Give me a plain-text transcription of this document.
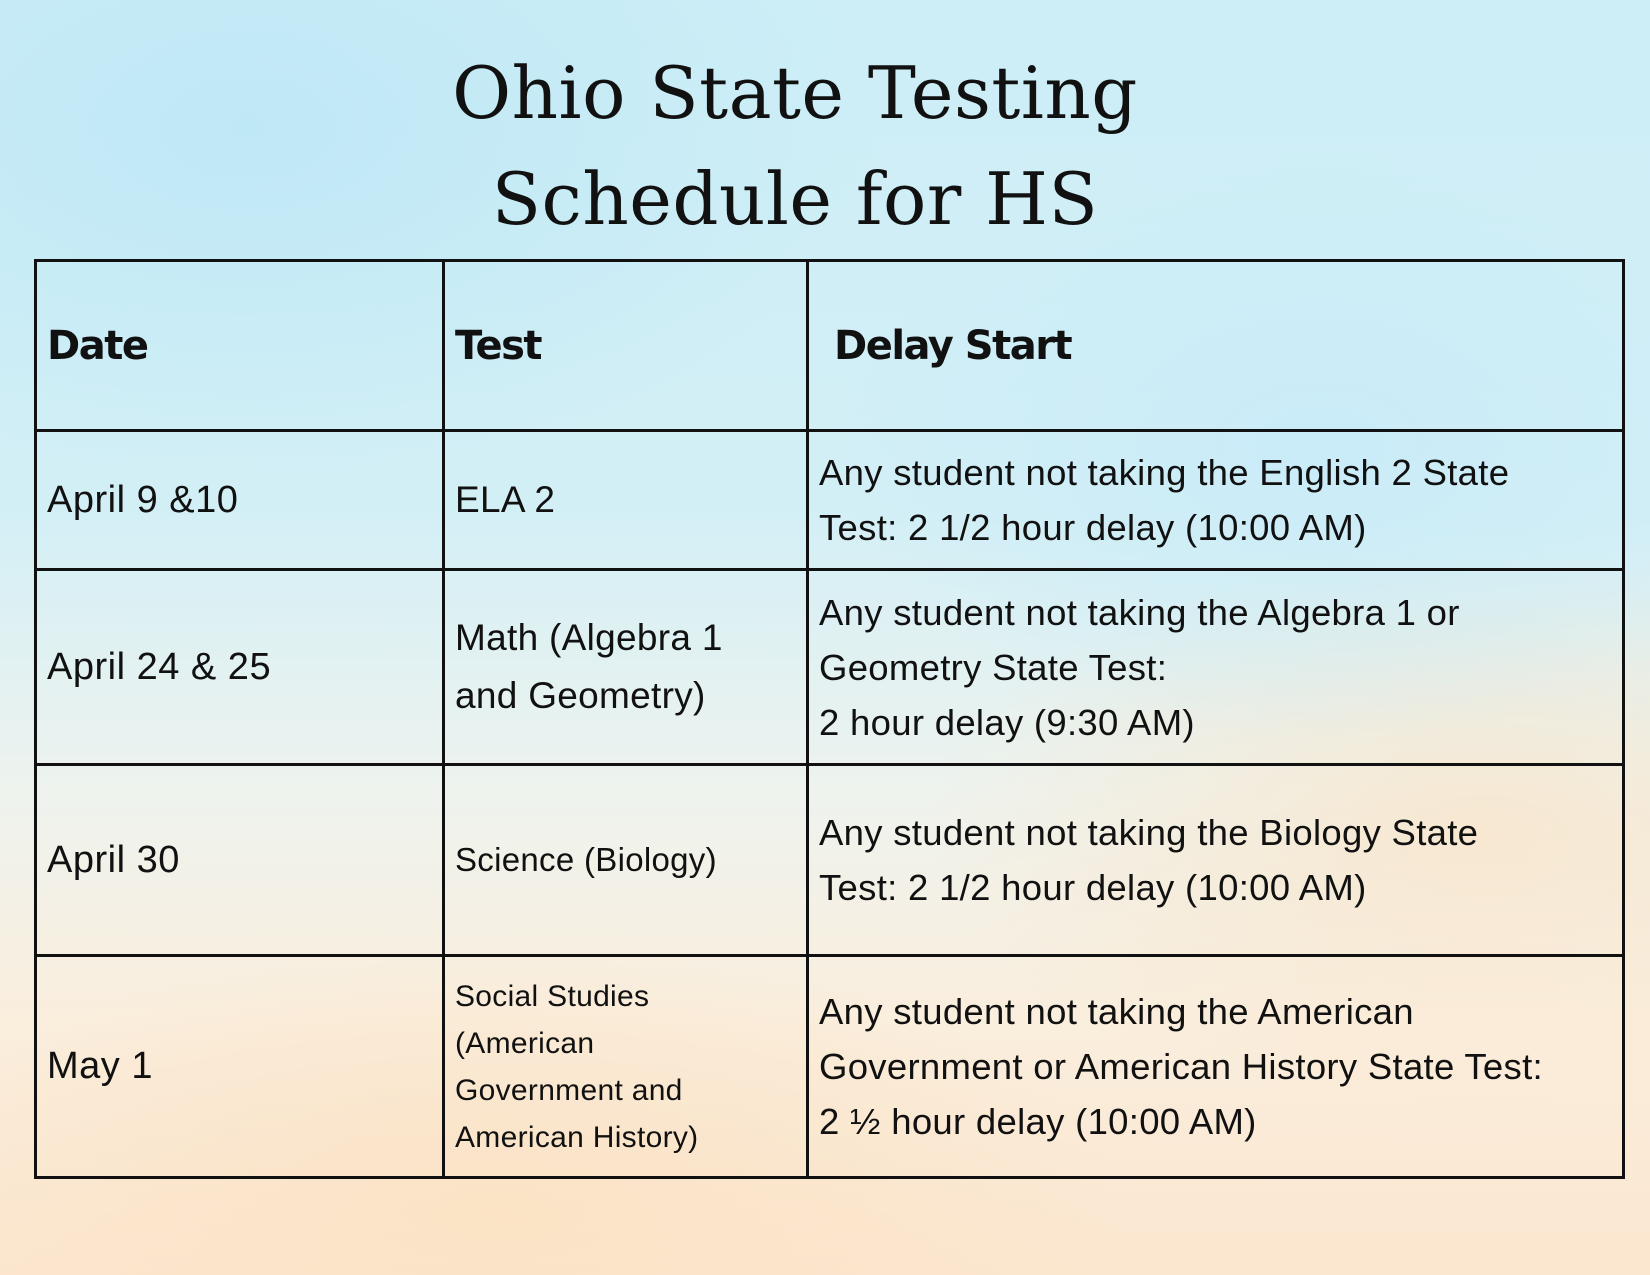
Ohio State Testing
Schedule for HS
Date	Test	Delay Start
April 9 &10	ELA 2	Any student not taking the English 2 State
Test: 2 1/2 hour delay (10:00 AM)

April 24 & 25	Math (Algebra 1
and Geometry)	Any student not taking the Algebra 1 or
Geometry State Test:
2 hour delay (9:30 AM)

April 30	Science (Biology)	Any student not taking the Biology State
Test: 2 1/2 hour delay (10:00 AM)

May 1	Social Studies
(American
Government and
American History)	Any student not taking the American
Government or American History State Test:
2 ½ hour delay (10:00 AM)
